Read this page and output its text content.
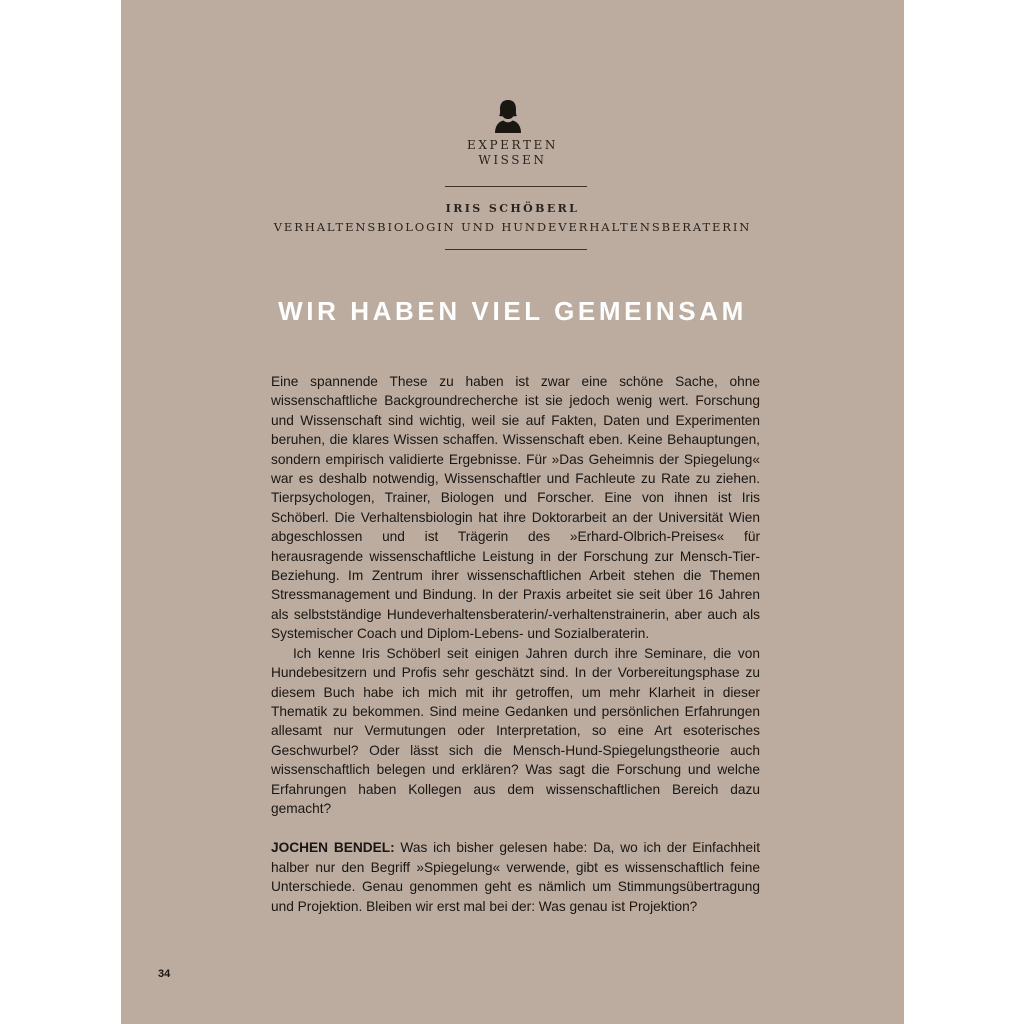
EXPERTEN
WISSEN
IRIS SCHÖBERL
VERHALTENSBIOLOGIN UND HUNDEVERHALTENSBERATERIN
WIR HABEN VIEL GEMEINSAM

Eine spannende These zu haben ist zwar eine schöne Sache, ohne wissenschaftliche Backgroundrecherche ist sie jedoch wenig wert. Forschung und Wissenschaft sind wichtig, weil sie auf Fakten, Daten und Experimenten beruhen, die klares Wissen schaffen. Wissenschaft eben. Keine Behauptungen, sondern empirisch validierte Ergebnisse. Für »Das Geheimnis der Spiegelung« war es deshalb notwendig, Wissenschaftler und Fachleute zu Rate zu ziehen. Tierpsychologen, Trainer, Biologen und Forscher. Eine von ihnen ist Iris Schöberl. Die Verhaltensbiologin hat ihre Doktorarbeit an der Universität Wien abgeschlossen und ist Trägerin des »Erhard-Olbrich-Preises« für herausragende wissenschaftliche Leistung in der Forschung zur Mensch-Tier-Beziehung. Im Zentrum ihrer wissenschaftlichen Arbeit stehen die Themen Stressmanagement und Bindung. In der Praxis arbeitet sie seit über 16 Jahren als selbstständige Hundeverhaltensberaterin/-verhaltenstrainerin, aber auch als Systemischer Coach und Diplom-Lebens- und Sozialberaterin.

Ich kenne Iris Schöberl seit einigen Jahren durch ihre Seminare, die von Hundebesitzern und Profis sehr geschätzt sind. In der Vorbereitungsphase zu diesem Buch habe ich mich mit ihr getroffen, um mehr Klarheit in dieser Thematik zu bekommen. Sind meine Gedanken und persönlichen Erfahrungen allesamt nur Vermutungen oder Interpretation, so eine Art esoterisches Geschwurbel? Oder lässt sich die Mensch-Hund-Spiegelungstheorie auch wissenschaftlich belegen und erklären? Was sagt die Forschung und welche Erfahrungen haben Kollegen aus dem wissenschaftlichen Bereich dazu gemacht?

JOCHEN BENDEL: Was ich bisher gelesen habe: Da, wo ich der Einfachheit halber nur den Begriff »Spiegelung« verwende, gibt es wissenschaftlich feine Unterschiede. Genau genommen geht es nämlich um Stimmungsübertragung und Projektion. Bleiben wir erst mal bei der: Was genau ist Projektion?

34
